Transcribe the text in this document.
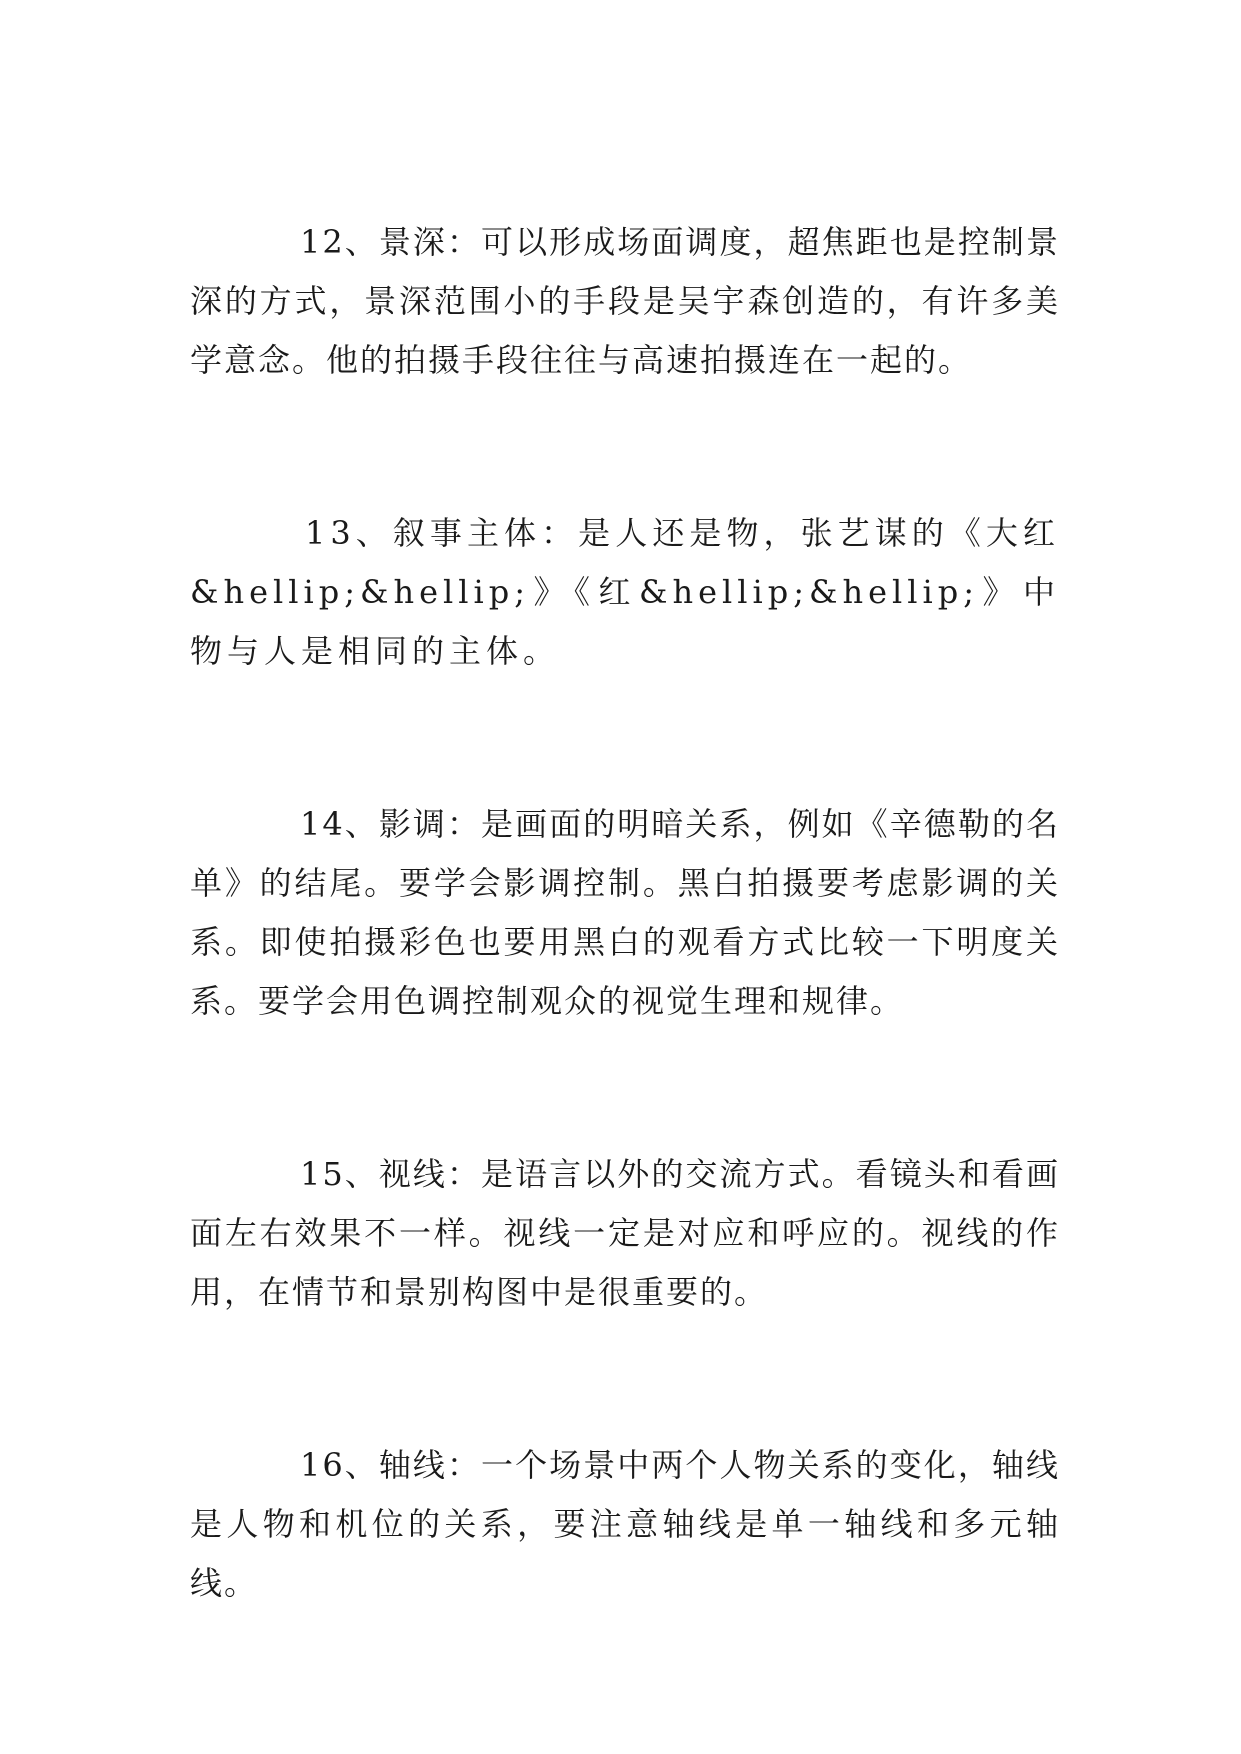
12、景深：可以形成场面调度，超焦距也是控制景深的方式，景深范围小的手段是吴宇森创造的，有许多美学意念。他的拍摄手段往往与高速拍摄连在一起的。

13、叙事主体：是人还是物，张艺谋的《大红&hellip;&hellip;》《红&hellip;&hellip;》中物与人是相同的主体。

14、影调：是画面的明暗关系，例如《辛德勒的名单》的结尾。要学会影调控制。黑白拍摄要考虑影调的关系。即使拍摄彩色也要用黑白的观看方式比较一下明度关系。要学会用色调控制观众的视觉生理和规律。

15、视线：是语言以外的交流方式。看镜头和看画面左右效果不一样。视线一定是对应和呼应的。视线的作用，在情节和景别构图中是很重要的。

16、轴线：一个场景中两个人物关系的变化，轴线是人物和机位的关系，要注意轴线是单一轴线和多元轴线。
